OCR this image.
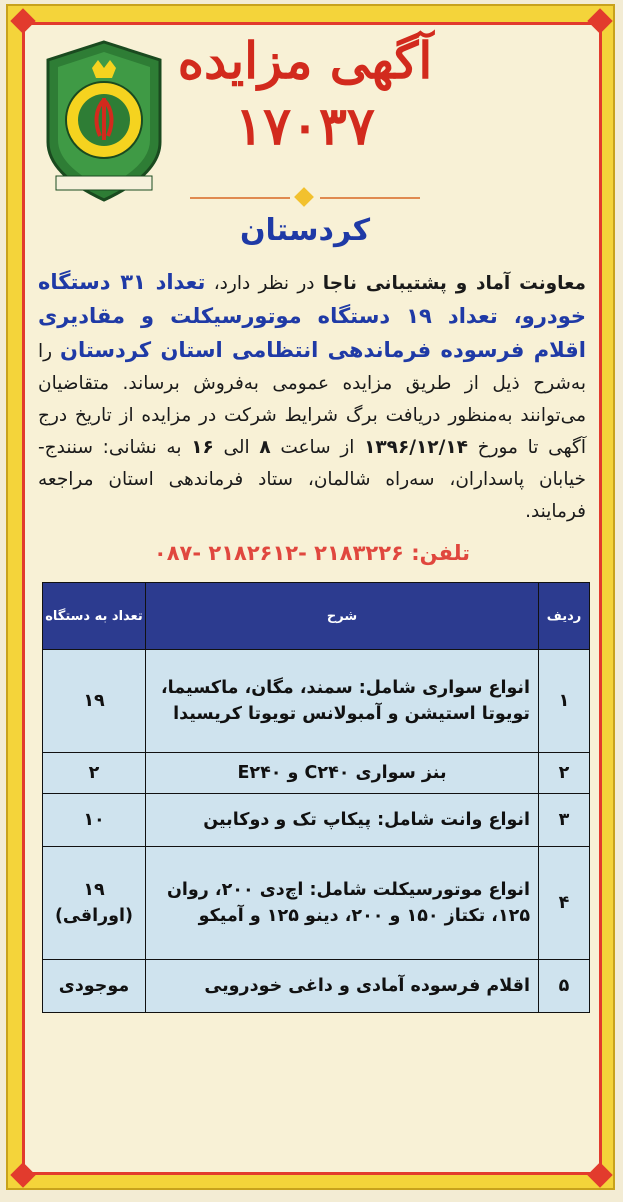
آگهی مزایده
۱۷۰۳۷
کردستان
معاونت آماد و پشتیبانی ناجا در نظر دارد، تعداد ۳۱ دستگاه خودرو، تعداد ۱۹ دستگاه موتورسیکلت و مقادیری اقلام فرسوده فرماندهی انتظامی استان کردستان را به‌شرح ذیل از طریق مزایده عمومی به‌فروش برساند. متقاضیان می‌توانند به‌منظور دریافت برگ شرایط شرکت در مزایده از تاریخ درج آگهی تا مورخ ۱۳۹۶/۱۲/۱۴ از ساعت ۸ الی ۱۶ به نشانی: سنندج- خیابان پاسداران، سه‌راه شالمان، ستاد فرماندهی استان مراجعه فرمایند.
تلفن: ۲۱۸۳۲۲۶ -۲۱۸۲۶۱۲ -۰۸۷
ردیف	شرح	تعداد به دستگاه
۱	انواع سواری شامل: سمند، مگان، ماکسیما، تویوتا استیشن و آمبولانس تویوتا کریسیدا	۱۹
۲	بنز سواری C۲۴۰ و E۲۴۰	۲
۳	انواع وانت شامل: پیکاپ تک و دوکابین	۱۰
۴	انواع موتورسیکلت شامل: اچ‌دی ۲۰۰، روان ۱۲۵، تکتاز ۱۵۰ و ۲۰۰، دینو ۱۲۵ و آمیکو	۱۹ (اوراقی)
۵	اقلام فرسوده آمادی و داغی خودرویی	موجودی
